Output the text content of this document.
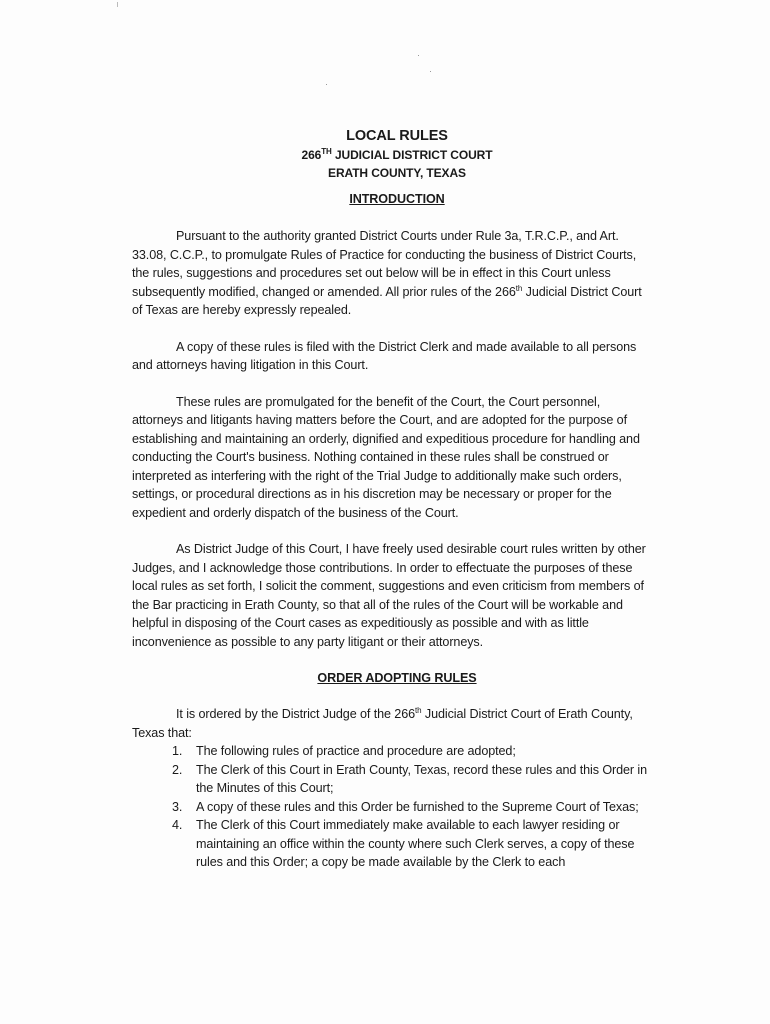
LOCAL RULES
266TH JUDICIAL DISTRICT COURT
ERATH COUNTY, TEXAS
INTRODUCTION

Pursuant to the authority granted District Courts under Rule 3a, T.R.C.P., and Art. 33.08, C.C.P., to promulgate Rules of Practice for conducting the business of District Courts, the rules, suggestions and procedures set out below will be in effect in this Court unless subsequently modified, changed or amended. All prior rules of the 266th Judicial District Court of Texas are hereby expressly repealed.

A copy of these rules is filed with the District Clerk and made available to all persons and attorneys having litigation in this Court.

These rules are promulgated for the benefit of the Court, the Court personnel, attorneys and litigants having matters before the Court, and are adopted for the purpose of establishing and maintaining an orderly, dignified and expeditious procedure for handling and conducting the Court's business. Nothing contained in these rules shall be construed or interpreted as interfering with the right of the Trial Judge to additionally make such orders, settings, or procedural directions as in his discretion may be necessary or proper for the expedient and orderly dispatch of the business of the Court.

As District Judge of this Court, I have freely used desirable court rules written by other Judges, and I acknowledge those contributions. In order to effectuate the purposes of these local rules as set forth, I solicit the comment, suggestions and even criticism from members of the Bar practicing in Erath County, so that all of the rules of the Court will be workable and helpful in disposing of the Court cases as expeditiously as possible and with as little inconvenience as possible to any party litigant or their attorneys.

ORDER ADOPTING RULES

It is ordered by the District Judge of the 266th Judicial District Court of Erath County, Texas that:

1. The following rules of practice and procedure are adopted;
2. The Clerk of this Court in Erath County, Texas, record these rules and this Order in the Minutes of this Court;
3. A copy of these rules and this Order be furnished to the Supreme Court of Texas;
4. The Clerk of this Court immediately make available to each lawyer residing or maintaining an office within the county where such Clerk serves, a copy of these rules and this Order; a copy be made available by the Clerk to each
